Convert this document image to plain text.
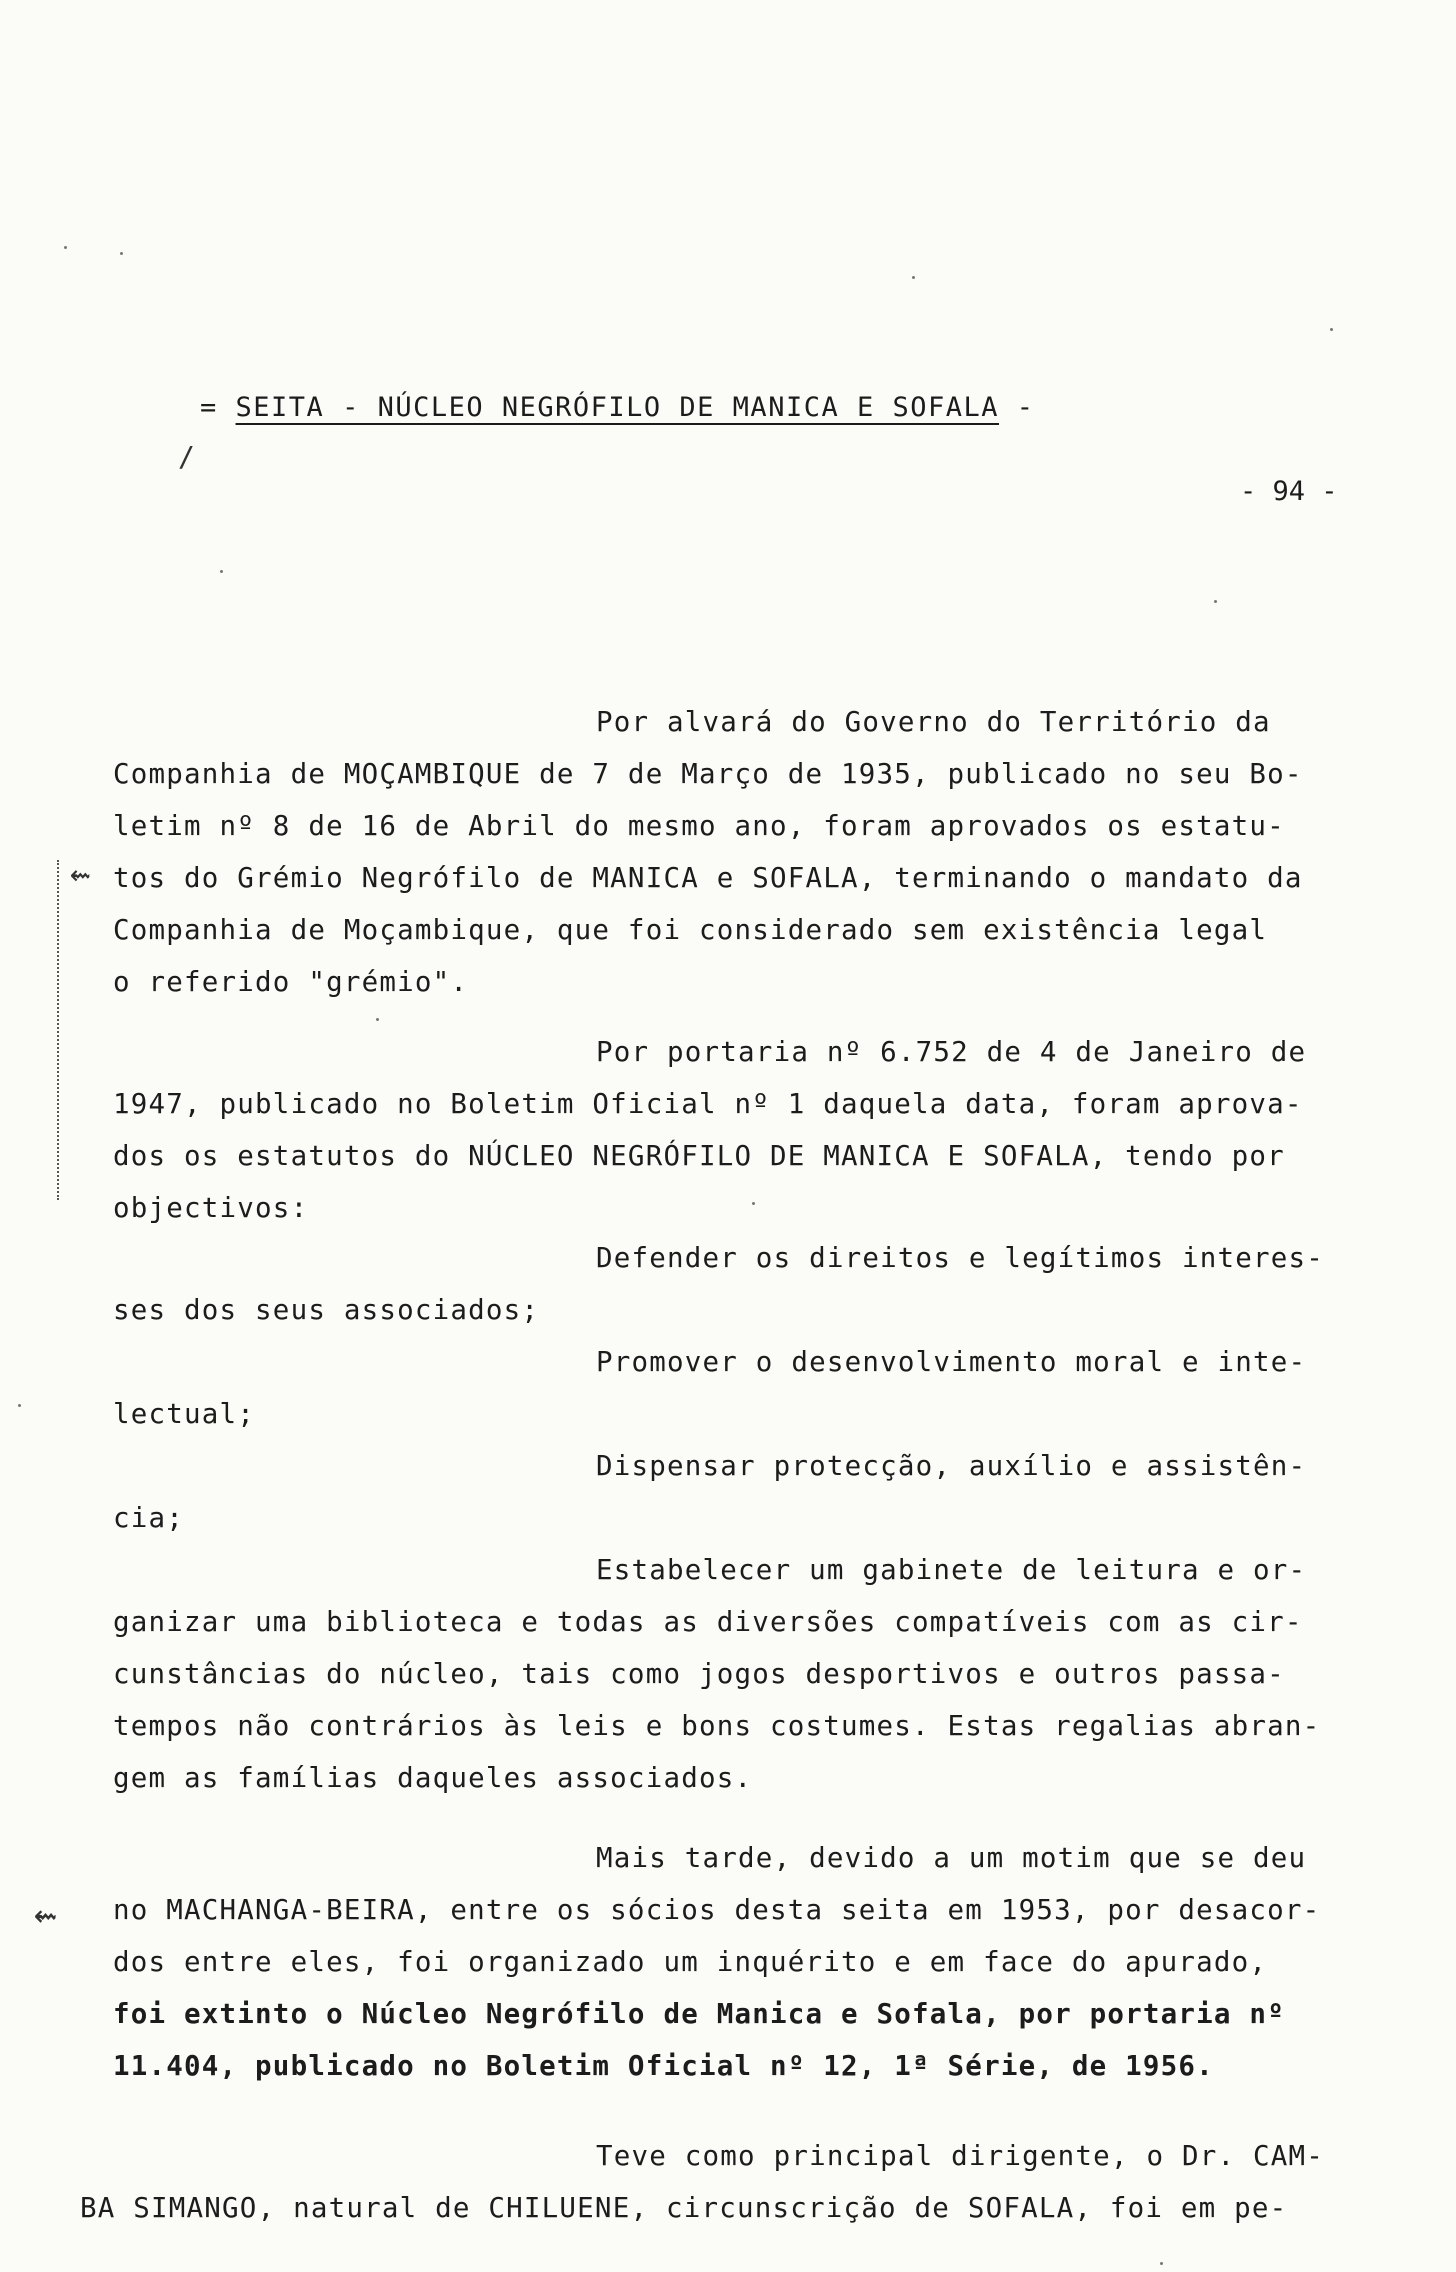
= SEITA - NÚCLEO NEGRÓFILO DE MANICA E SOFALA -
/
- 94 -
Por alvará do Governo do Território da
Companhia de MOÇAMBIQUE de 7 de Março de 1935, publicado no seu Bo-
letim nº 8 de 16 de Abril do mesmo ano, foram aprovados os estatu-
tos do Grémio Negrófilo de MANICA e SOFALA, terminando o mandato da
Companhia de Moçambique, que foi considerado sem existência legal
o referido "grémio".
Por portaria nº 6.752 de 4 de Janeiro de
1947, publicado no Boletim Oficial nº 1 daquela data, foram aprova-
dos os estatutos do NÚCLEO NEGRÓFILO DE MANICA E SOFALA, tendo por
objectivos:
Defender os direitos e legítimos interes-
ses dos seus associados;
Promover o desenvolvimento moral e inte-
lectual;
Dispensar protecção, auxílio e assistên-
cia;
Estabelecer um gabinete de leitura e or-
ganizar uma biblioteca e todas as diversões compatíveis com as cir-
cunstâncias do núcleo, tais como jogos desportivos e outros passa-
tempos não contrários às leis e bons costumes. Estas regalias abran-
gem as famílias daqueles associados.
Mais tarde, devido a um motim que se deu
no MACHANGA-BEIRA, entre os sócios desta seita em 1953, por desacor-
dos entre eles, foi organizado um inquérito e em face do apurado,
foi extinto o Núcleo Negrófilo de Manica e Sofala, por portaria nº
11.404, publicado no Boletim Oficial nº 12, 1ª Série, de 1956.
Teve como principal dirigente, o Dr. CAM-
BA SIMANGO, natural de CHILUENE, circunscrição de SOFALA, foi em pe-
⇜
⇜
